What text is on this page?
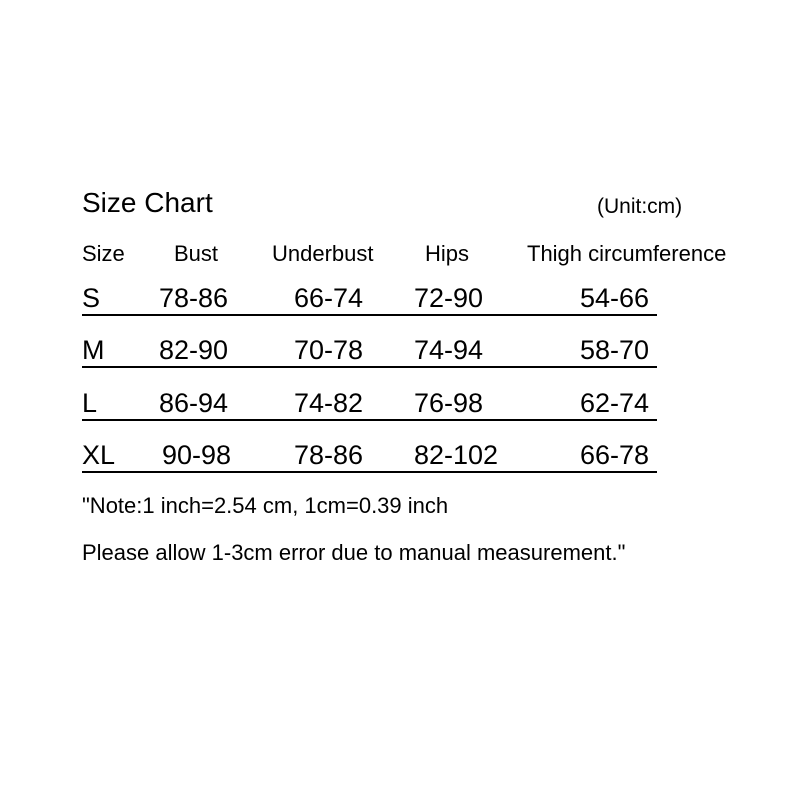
Size Chart	(Unit:cm)
Size Bust Underbust Hips	Thigh circumference
S 78-86 66-74 72-90	54-66
M 82-90 70-78 74-94	58-70
L 86-94 74-82 76-98	62-74
XL 90-98 78-86 82-102	66-78
"Note:1 inch=2.54 cm, 1cm=0.39 inch
Please allow 1-3cm error due to manual measurement."
